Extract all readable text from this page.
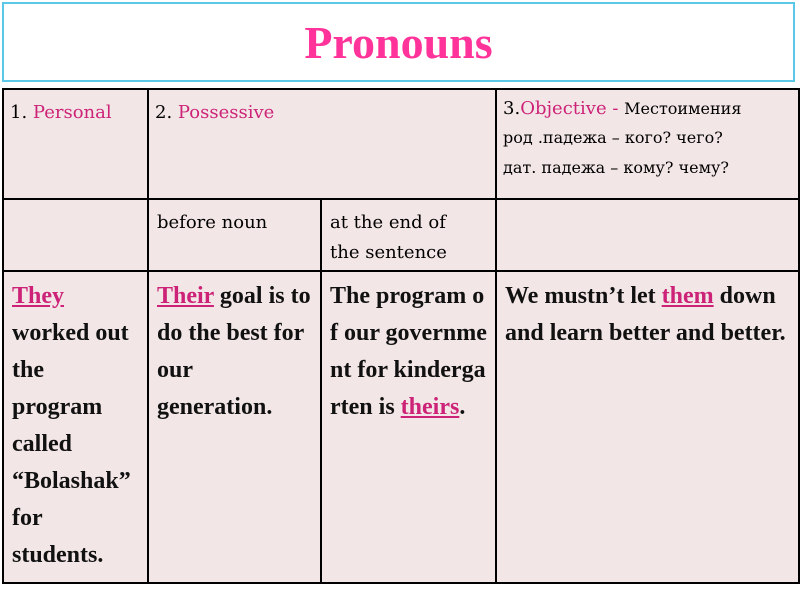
Pronouns
1. Personal	2. Possessive		3.Objective - Местоимения
род .падежа – кого? чего?
дат. падежа – кому? чему?

	before noun	at the end of
the sentence	

They worked out the program called “Bolashak” for students.	Their goal is to do the best for our generation.	The program of our government for kindergarten is theirs.	We mustn’t let them down and learn better and better.
